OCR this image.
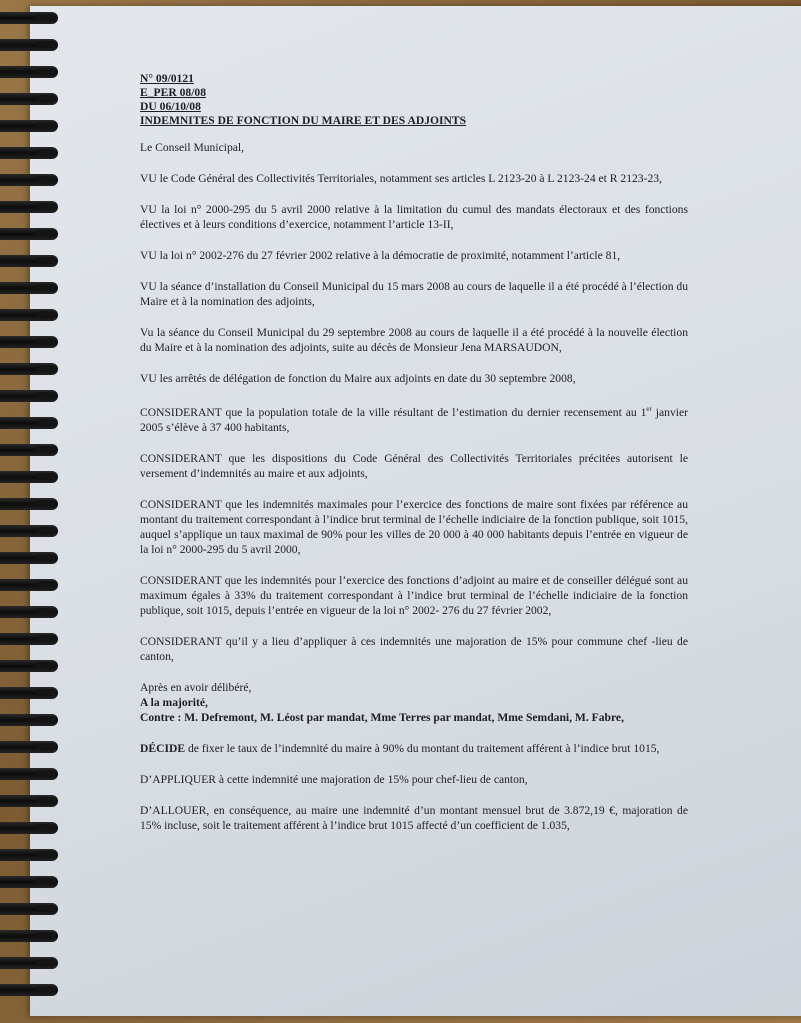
N° 09/0121
E_PER 08/08
DU 06/10/08
INDEMNITES DE FONCTION DU MAIRE ET DES ADJOINTS

Le Conseil Municipal,

VU le Code Général des Collectivités Territoriales, notamment ses articles L 2123-20 à L 2123-24 et R 2123-23,

VU la loi n° 2000-295 du 5 avril 2000 relative à la limitation du cumul des mandats électoraux et des fonctions électives et à leurs conditions d’exercice, notamment l’article 13-II,

VU la loi n° 2002-276 du 27 février 2002 relative à la démocratie de proximité, notamment l’article 81,

VU la séance d’installation du Conseil Municipal du 15 mars 2008 au cours de laquelle il a été procédé à l’élection du Maire et à la nomination des adjoints,

Vu la séance du Conseil Municipal du 29 septembre 2008 au cours de laquelle il a été procédé à la nouvelle élection du Maire et à la nomination des adjoints, suite au décès de Monsieur Jena MARSAUDON,

VU les arrêtés de délégation de fonction du Maire aux adjoints en date du 30 septembre 2008,

CONSIDERANT que la population totale de la ville résultant de l’estimation du dernier recensement au 1er janvier 2005 s’élève à 37 400 habitants,

CONSIDERANT que les dispositions du Code Général des Collectivités Territoriales précitées autorisent le versement d’indemnités au maire et aux adjoints,

CONSIDERANT que les indemnités maximales pour l’exercice des fonctions de maire sont fixées par référence au montant du traitement correspondant à l’indice brut terminal de l’échelle indiciaire de la fonction publique, soit 1015, auquel s’applique un taux maximal de 90% pour les villes de 20 000 à 40 000 habitants depuis l’entrée en vigueur de la loi n° 2000-295 du 5 avril 2000,

CONSIDERANT que les indemnités pour l’exercice des fonctions d’adjoint au maire et de conseiller délégué sont au maximum égales à 33% du traitement correspondant à l’indice brut terminal de l’échelle indiciaire de la fonction publique, soit 1015, depuis l’entrée en vigueur de la loi n° 2002- 276 du 27 février 2002,

CONSIDERANT qu’il y a lieu d’appliquer à ces indemnités une majoration de 15% pour commune chef -lieu de canton,

Après en avoir délibéré,
A la majorité,
Contre : M. Defremont, M. Léost par mandat, Mme Terres par mandat, Mme Semdani, M. Fabre,

DÉCIDE de fixer le taux de l’indemnité du maire à 90% du montant du traitement afférent à l’indice brut 1015,

D’APPLIQUER à cette indemnité une majoration de 15% pour chef-lieu de canton,

D’ALLOUER, en conséquence, au maire une indemnité d’un montant mensuel brut de 3.872,19 €, majoration de 15% incluse, soit le traitement afférent à l’indice brut 1015 affecté d’un coefficient de 1.035,
